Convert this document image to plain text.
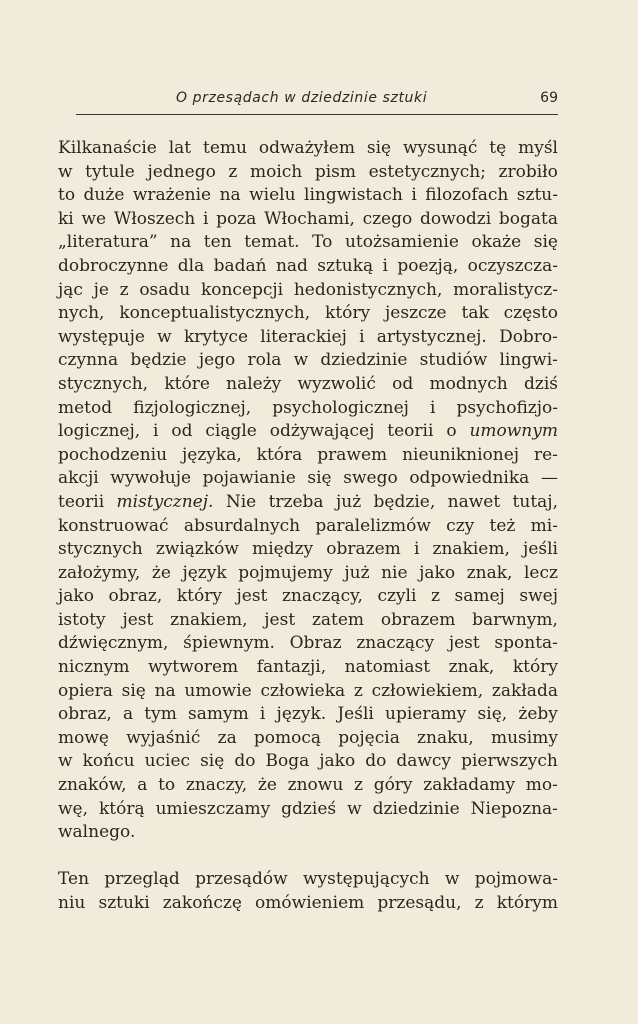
O przesądach w dziedzinie sztuki	69
Kilkanaście lat temu odważyłem się wysunąć tę myśl
w tytule jednego z moich pism estetycznych; zrobiło
to duże wrażenie na wielu lingwistach i filozofach sztu-
ki we Włoszech i poza Włochami, czego dowodzi bogata
„literatura” na ten temat. To utożsamienie okaże się
dobroczynne dla badań nad sztuką i poezją, oczyszcza-
jąc je z osadu koncepcji hedonistycznych, moralistycz-
nych, konceptualistycznych, który jeszcze tak często
występuje w krytyce literackiej i artystycznej. Dobro-
czynna będzie jego rola w dziedzinie studiów lingwi-
stycznych, które należy wyzwolić od modnych dziś
metod fizjologicznej, psychologicznej i psychofizjo-
logicznej, i od ciągle odżywającej teorii o umownym
pochodzeniu języka, która prawem nieuniknionej re-
akcji wywołuje pojawianie się swego odpowiednika —
teorii mistycznej. Nie trzeba już będzie, nawet tutaj,
konstruować absurdalnych paralelizmów czy też mi-
stycznych związków między obrazem i znakiem, jeśli
założymy, że język pojmujemy już nie jako znak, lecz
jako obraz, który jest znaczący, czyli z samej swej
istoty jest znakiem, jest zatem obrazem barwnym,
dźwięcznym, śpiewnym. Obraz znaczący jest sponta-
nicznym wytworem fantazji, natomiast znak, który
opiera się na umowie człowieka z człowiekiem, zakłada
obraz, a tym samym i język. Jeśli upieramy się, żeby
mowę wyjaśnić za pomocą pojęcia znaku, musimy
w końcu uciec się do Boga jako do dawcy pierwszych
znaków, a to znaczy, że znowu z góry zakładamy mo-
wę, którą umieszczamy gdzieś w dziedzinie Niepozna-
walnego.
Ten przegląd przesądów występujących w pojmowa-
niu sztuki zakończę omówieniem przesądu, z którym
